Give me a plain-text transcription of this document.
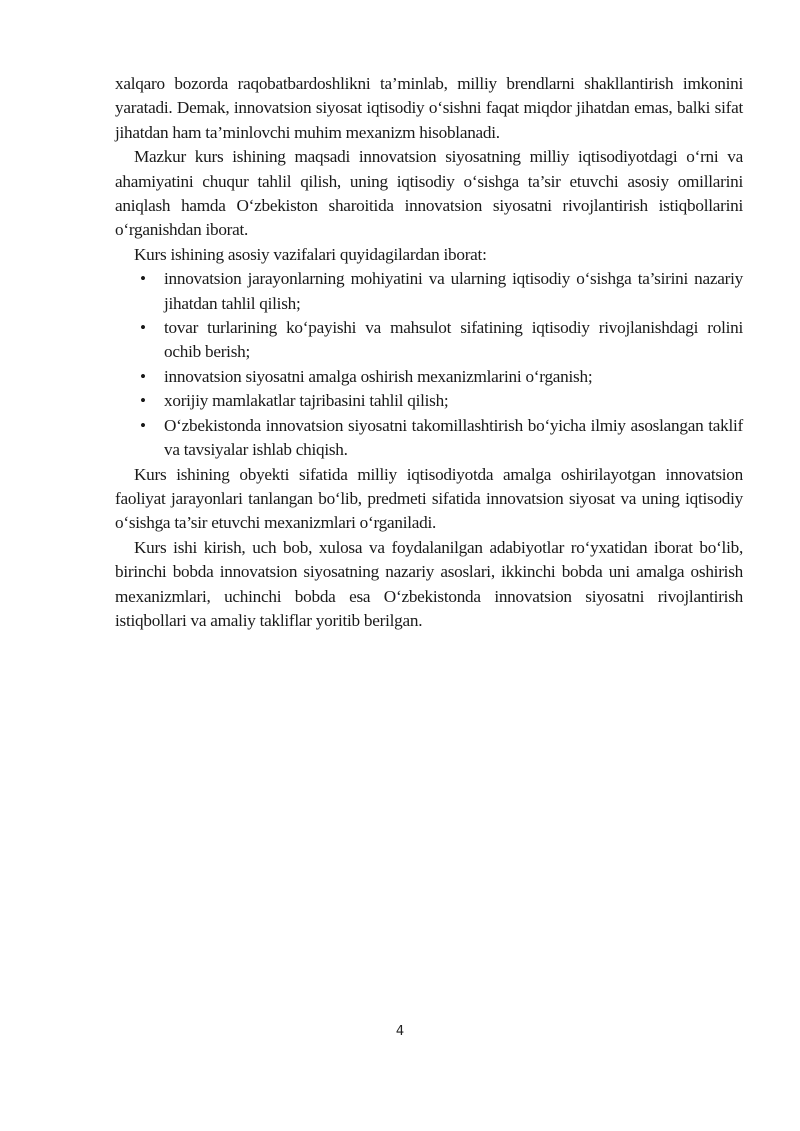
xalqaro bozorda raqobatbardoshlikni ta’minlab, milliy brendlarni shakllantirish imkonini yaratadi. Demak, innovatsion siyosat iqtisodiy o‘sishni faqat miqdor jihatdan emas, balki sifat jihatdan ham ta’minlovchi muhim mexanizm hisoblanadi.

Mazkur kurs ishining maqsadi innovatsion siyosatning milliy iqtisodiyotdagi o‘rni va ahamiyatini chuqur tahlil qilish, uning iqtisodiy o‘sishga ta’sir etuvchi asosiy omillarini aniqlash hamda O‘zbekiston sharoitida innovatsion siyosatni rivojlantirish istiqbollarini o‘rganishdan iborat.

Kurs ishining asosiy vazifalari quyidagilardan iborat:

• innovatsion jarayonlarning mohiyatini va ularning iqtisodiy o‘sishga ta’sirini nazariy jihatdan tahlil qilish;
• tovar turlarining ko‘payishi va mahsulot sifatining iqtisodiy rivojlanishdagi rolini ochib berish;
• innovatsion siyosatni amalga oshirish mexanizmlarini o‘rganish;
• xorijiy mamlakatlar tajribasini tahlil qilish;
• O‘zbekistonda innovatsion siyosatni takomillashtirish bo‘yicha ilmiy asoslangan taklif va tavsiyalar ishlab chiqish.

Kurs ishining obyekti sifatida milliy iqtisodiyotda amalga oshirilayotgan innovatsion faoliyat jarayonlari tanlangan bo‘lib, predmeti sifatida innovatsion siyosat va uning iqtisodiy o‘sishga ta’sir etuvchi mexanizmlari o‘rganiladi.

Kurs ishi kirish, uch bob, xulosa va foydalanilgan adabiyotlar ro‘yxatidan iborat bo‘lib, birinchi bobda innovatsion siyosatning nazariy asoslari, ikkinchi bobda uni amalga oshirish mexanizmlari, uchinchi bobda esa O‘zbekistonda innovatsion siyosatni rivojlantirish istiqbollari va amaliy takliflar yoritib berilgan.

4
